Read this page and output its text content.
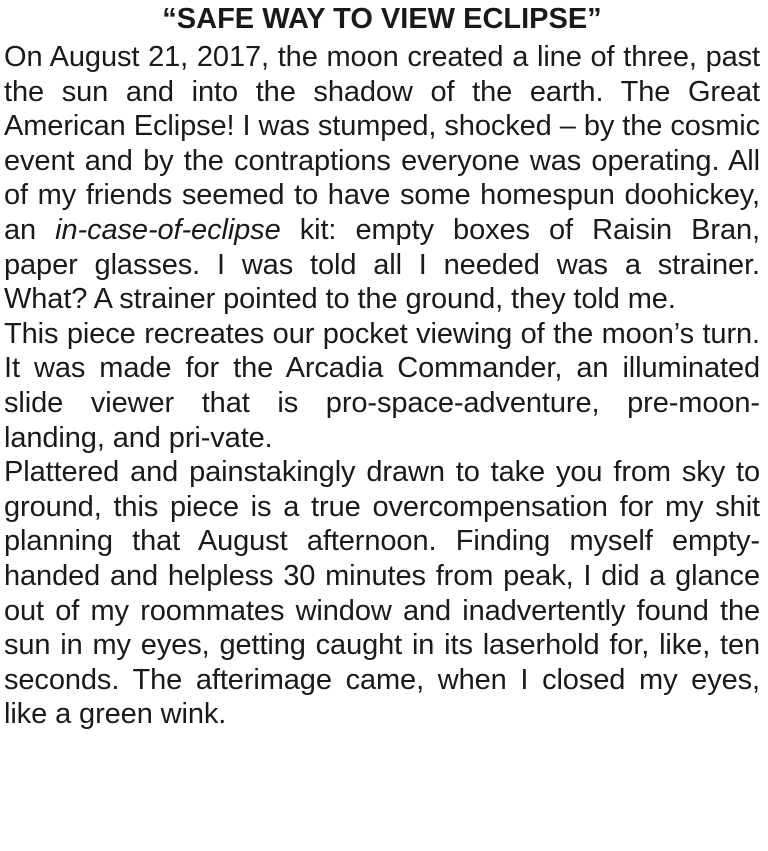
“SAFE WAY TO VIEW ECLIPSE”

On August 21, 2017, the moon created a line of three, past the sun and into the shadow of the earth. The Great American Eclipse! I was stumped, shocked – by the cosmic event and by the contraptions everyone was operating. All of my friends seemed to have some homespun doohickey, an in-case-of-eclipse kit: empty boxes of Raisin Bran, paper glasses. I was told all I needed was a strainer. What? A strainer pointed to the ground, they told me.

This piece recreates our pocket viewing of the moon’s turn. It was made for the Arcadia Commander, an illuminated slide viewer that is pro-space-adventure, pre-moon-landing, and pri-vate.

Plattered and painstakingly drawn to take you from sky to ground, this piece is a true overcompensation for my shit planning that August afternoon. Finding myself empty-handed and helpless 30 minutes from peak, I did a glance out of my roommates window and inadvertently found the sun in my eyes, getting caught in its laserhold for, like, ten seconds. The afterimage came, when I closed my eyes, like a green wink.
